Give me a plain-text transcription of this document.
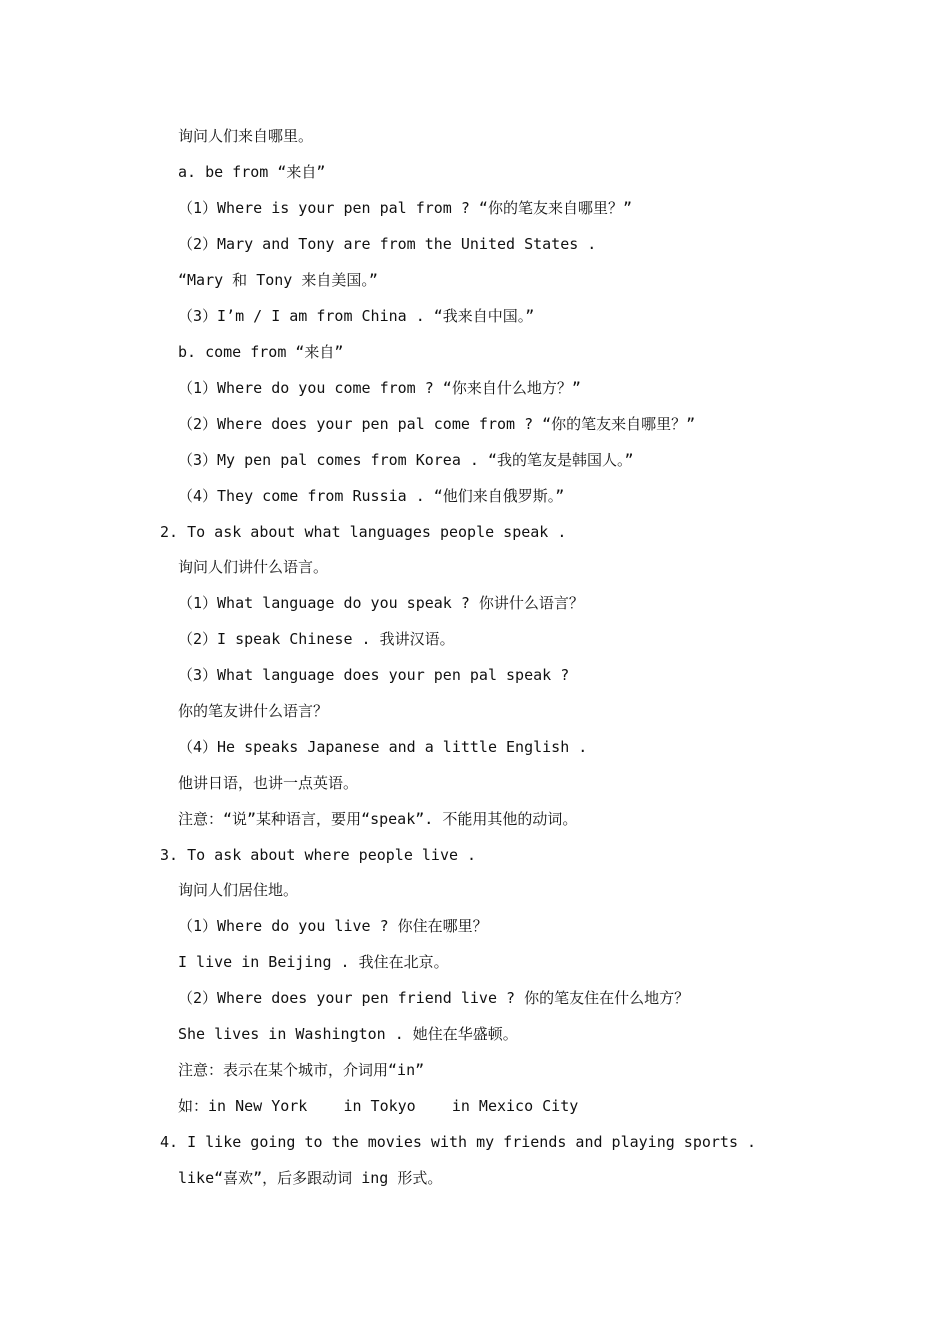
询问人们来自哪里。
a. be from “来自”
（1）Where is your pen pal from ? “你的笔友来自哪里？”
（2）Mary and Tony are from the United States .
“Mary 和 Tony 来自美国。”
（3）I’m / I am from China . “我来自中国。”
b. come from “来自”
（1）Where do you come from ? “你来自什么地方？”
（2）Where does your pen pal come from ? “你的笔友来自哪里？”
（3）My pen pal comes from Korea . “我的笔友是韩国人。”
（4）They come from Russia . “他们来自俄罗斯。”
2. To ask about what languages people speak .
询问人们讲什么语言。
（1）What language do you speak ? 你讲什么语言？
（2）I speak Chinese . 我讲汉语。
（3）What language does your pen pal speak ?
你的笔友讲什么语言？
（4）He speaks Japanese and a little English .
他讲日语，也讲一点英语。
注意：“说”某种语言，要用“speak”. 不能用其他的动词。
3. To ask about where people live .
询问人们居住地。
（1）Where do you live ? 你住在哪里？
I live in Beijing . 我住在北京。
（2）Where does your pen friend live ? 你的笔友住在什么地方？
She lives in Washington . 她住在华盛顿。
注意：表示在某个城市，介词用“in”
如：in New York    in Tokyo    in Mexico City
4. I like going to the movies with my friends and playing sports .
like“喜欢”，后多跟动词 ing 形式。
